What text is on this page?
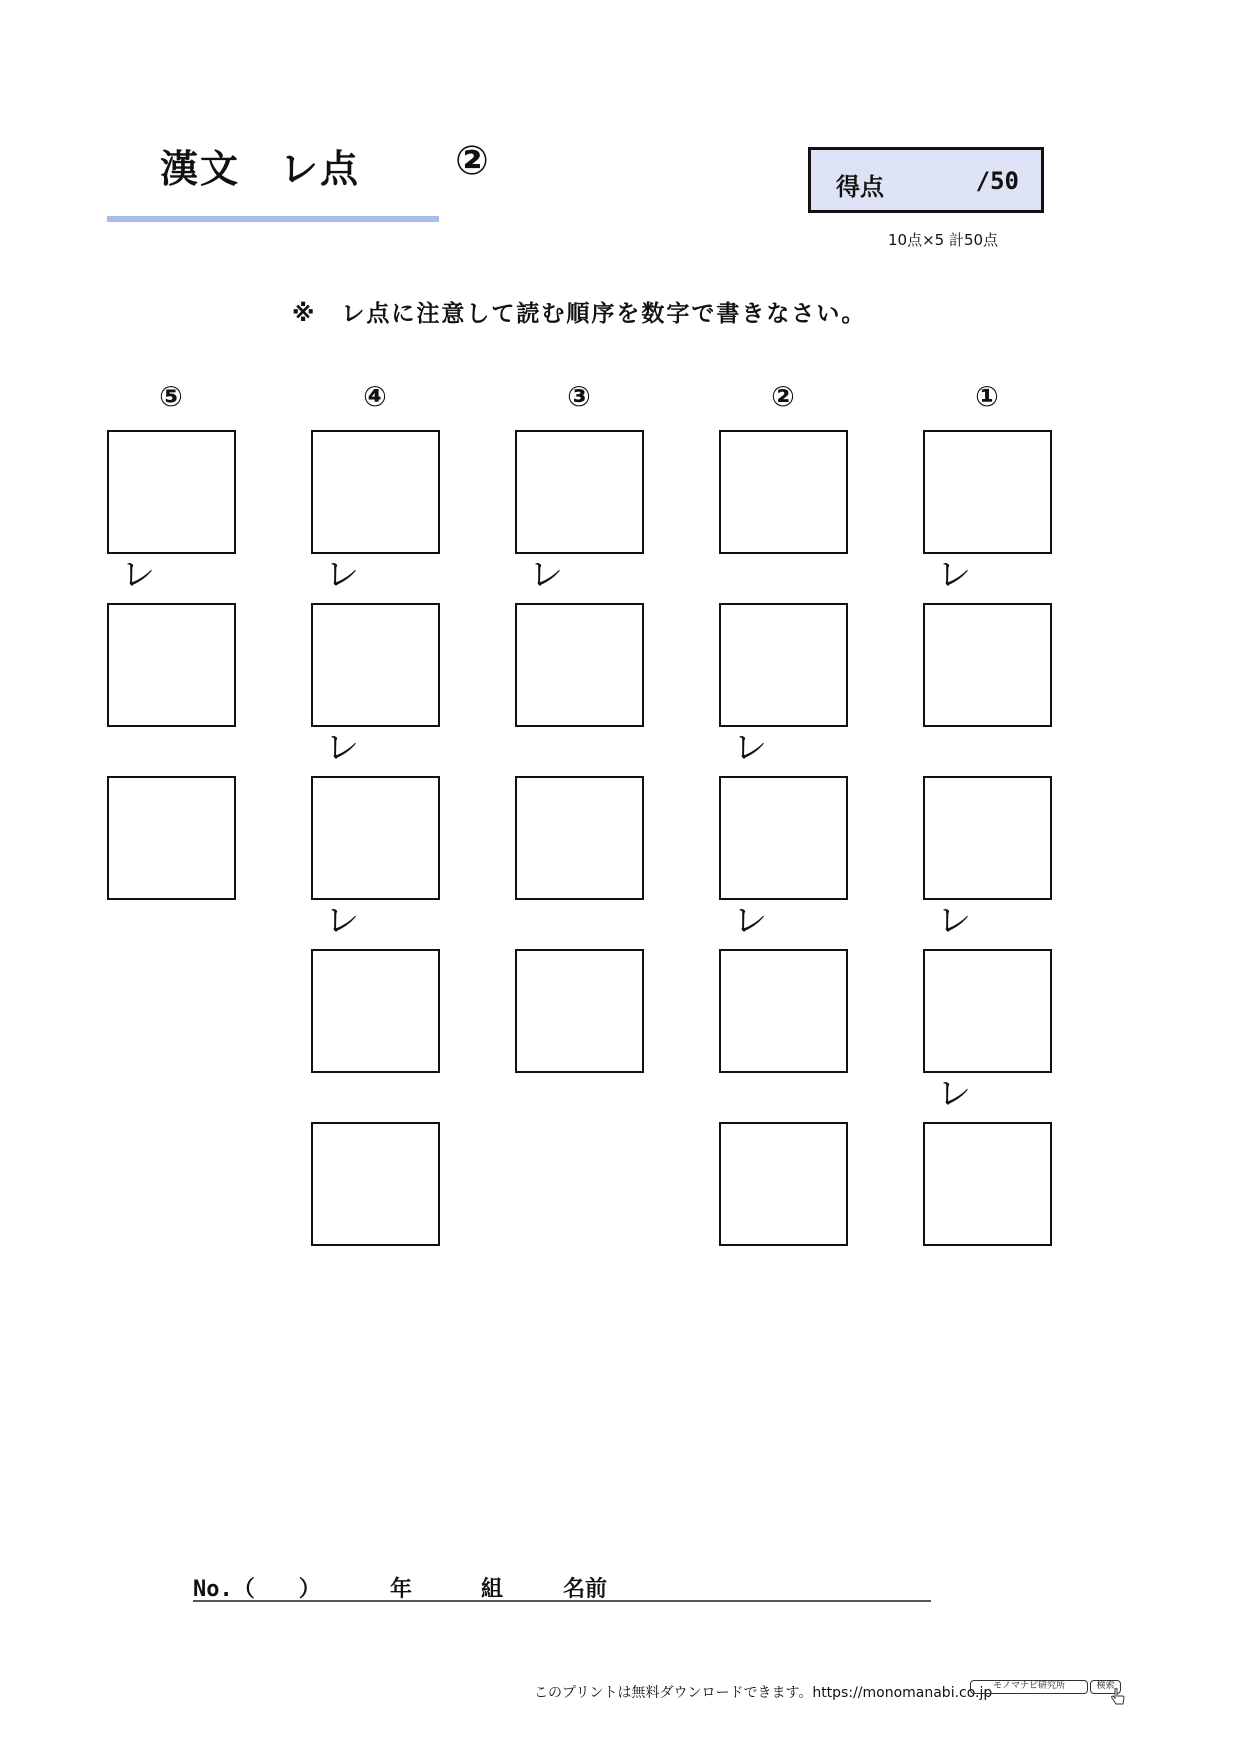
漢文　レ点 ②
得点	/50
10点×5 計50点
※　レ点に注意して読む順序を数字で書きなさい。
⑤
レ
④
レ
レ
レ
③
レ
②
レ
レ
①
レ
レ
レ
No.（　　）	年	組	名前
このプリントは無料ダウンロードできます。https://monomanabi.co.jp モノマナビ研究所	検索
